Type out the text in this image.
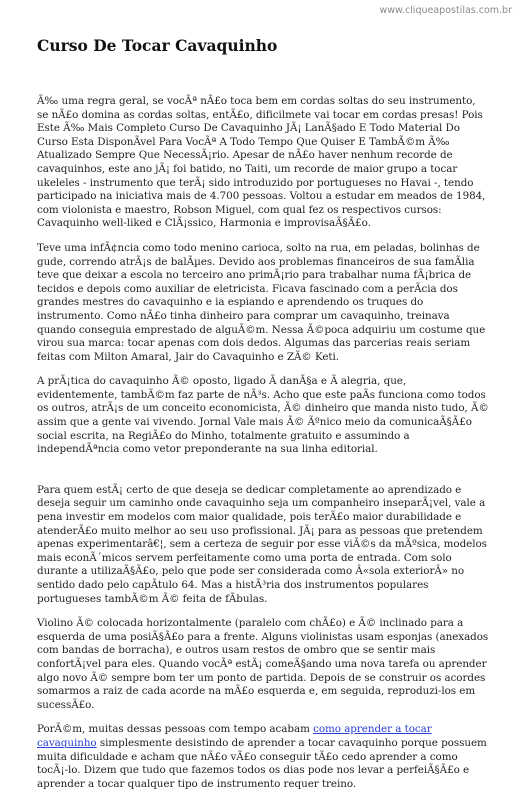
www.cliqueapostilas.com.br
Curso De Tocar Cavaquinho

Ã‰ uma regra geral, se vocÃª nÃ£o toca bem em cordas soltas do seu instrumento, se nÃ£o domina as cordas soltas, entÃ£o, dificilmete vai tocar em cordas presas! Pois Este Ã‰ Mais Completo Curso De Cavaquinho JÃ¡ LanÃ§ado E Todo Material Do Curso Esta DisponÃvel Para VocÃª A Todo Tempo Que Quiser E TambÃ©m Ã‰ Atualizado Sempre Que NecessÃ¡rio. Apesar de nÃ£o haver nenhum recorde de cavaquinhos, este ano jÃ¡ foi batido, no Taiti, um recorde de maior grupo a tocar ukeleles - instrumento que terÃ¡ sido introduzido por portugueses no Havai -, tendo participado na iniciativa mais de 4.700 pessoas. Voltou a estudar em meados de 1984, com violonista e maestro, Robson Miguel, com qual fez os respectivos cursos: Cavaquinho well-liked e ClÃ¡ssico, Harmonia e improvisaÃ§Ã£o.

Teve uma infÃ¢ncia como todo menino carioca, solto na rua, em peladas, bolinhas de gude, correndo atrÃ¡s de balÃµes. Devido aos problemas financeiros de sua famÃlia teve que deixar a escola no terceiro ano primÃ¡rio para trabalhar numa fÃ¡brica de tecidos e depois como auxiliar de eletricista. Ficava fascinado com a perÃcia dos grandes mestres do cavaquinho e ia espiando e aprendendo os truques do instrumento. Como nÃ£o tinha dinheiro para comprar um cavaquinho, treinava quando conseguia emprestado de alguÃ©m. Nessa Ã©poca adquiriu um costume que virou sua marca: tocar apenas com dois dedos. Algumas das parcerias reais seriam feitas com Milton Amaral, Jair do Cavaquinho e ZÃ© Keti.

A prÃ¡tica do cavaquinho Ã© oposto, ligado Ã danÃ§a e Ã alegria, que, evidentemente, tambÃ©m faz parte de nÃ³s. Acho que este paÃs funciona como todos os outros, atrÃ¡s de um conceito economicista, Ã© dinheiro que manda nisto tudo, Ã© assim que a gente vai vivendo. Jornal Vale mais Ã© Ãºnico meio da comunicaÃ§Ã£o social escrita, na RegiÃ£o do Minho, totalmente gratuito e assumindo a independÃªncia como vetor preponderante na sua linha editorial.

Para quem estÃ¡ certo de que deseja se dedicar completamente ao aprendizado e deseja seguir um caminho onde cavaquinho seja um companheiro inseparÃ¡vel, vale a pena investir em modelos com maior qualidade, pois terÃ£o maior durabilidade e atenderÃ£o muito melhor ao seu uso profissional. JÃ¡ para as pessoas que pretendem apenas experimentarâ€¦, sem a certeza de seguir por esse viÃ©s da mÃºsica, modelos mais econÃ´micos servem perfeitamente como uma porta de entrada. Com solo durante a utilizaÃ§Ã£o, pelo que pode ser considerada como Â«sola exteriorÂ» no sentido dado pelo capÃtulo 64. Mas a histÃ³ria dos instrumentos populares portugueses tambÃ©m Ã© feita de fÃbulas.

Violino Ã© colocada horizontalmente (paralelo com chÃ£o) e Ã© inclinado para a esquerda de uma posiÃ§Ã£o para a frente. Alguns violinistas usam esponjas (anexados com bandas de borracha), e outros usam restos de ombro que se sentir mais confortÃ¡vel para eles. Quando vocÃª estÃ¡ comeÃ§ando uma nova tarefa ou aprender algo novo Ã© sempre bom ter um ponto de partida. Depois de se construir os acordes somarmos a raiz de cada acorde na mÃ£o esquerda e, em seguida, reproduzi-los em sucessÃ£o.

PorÃ©m, muitas dessas pessoas com tempo acabam como aprender a tocar cavaquinho simplesmente desistindo de aprender a tocar cavaquinho porque possuem muita dificuldade e acham que nÃ£o vÃ£o conseguir tÃ£o cedo aprender a como tocÃ¡-lo. Dizem que tudo que fazemos todos os dias pode nos levar a perfeiÃ§Ã£o e aprender a tocar qualquer tipo de instrumento requer treino.
